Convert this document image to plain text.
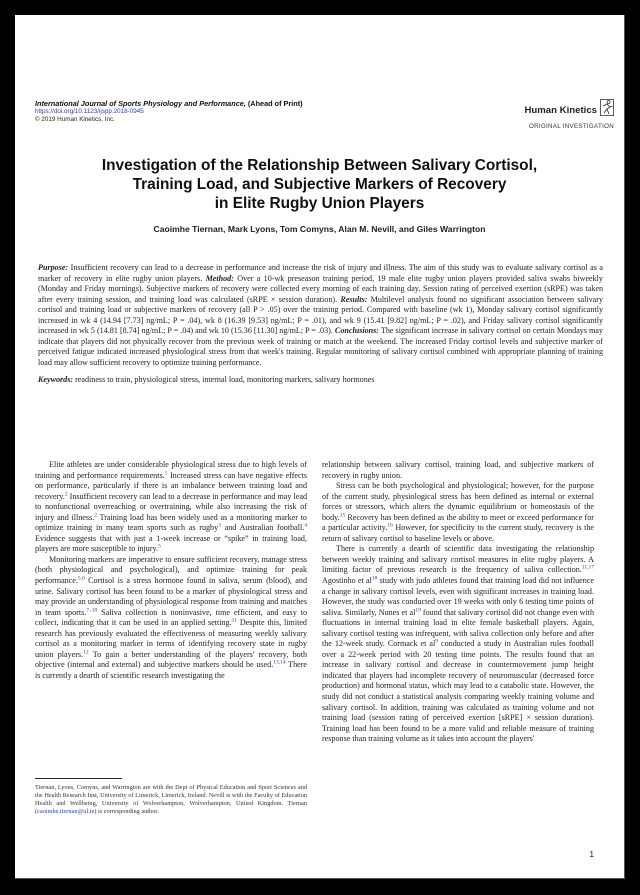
International Journal of Sports Physiology and Performance, (Ahead of Print)
https://doi.org/10.1123/ijspp.2018-0945
© 2019 Human Kinetics, Inc.
Human Kinetics
ORIGINAL INVESTIGATION
Investigation of the Relationship Between Salivary Cortisol,
Training Load, and Subjective Markers of Recovery
in Elite Rugby Union Players
Caoimhe Tiernan, Mark Lyons, Tom Comyns, Alan M. Nevill, and Giles Warrington

Purpose: Insufficient recovery can lead to a decrease in performance and increase the risk of injury and illness. The aim of this study was to evaluate salivary cortisol as a marker of recovery in elite rugby union players. Method: Over a 10-wk preseason training period, 19 male elite rugby union players provided saliva swabs biweekly (Monday and Friday mornings). Subjective markers of recovery were collected every morning of each training day. Session rating of perceived exertion (sRPE) was taken after every training session, and training load was calculated (sRPE × session duration). Results: Multilevel analysis found no significant association between salivary cortisol and training load or subjective markers of recovery (all P > .05) over the training period. Compared with baseline (wk 1), Monday salivary cortisol significantly increased in wk 4 (14.94 [7.73] ng/mL; P = .04), wk 8 (16.39 [9.53] ng/mL; P = .01), and wk 9 (15.41 [9.82] ng/mL; P = .02), and Friday salivary cortisol significantly increased in wk 5 (14.81 [8.74] ng/mL; P = .04) and wk 10 (15.36 [11.30] ng/mL; P = .03). Conclusions: The significant increase in salivary cortisol on certain Mondays may indicate that players did not physically recover from the previous week of training or match at the weekend. The increased Friday cortisol levels and subjective marker of perceived fatigue indicated increased physiological stress from that week's training. Regular monitoring of salivary cortisol combined with appropriate planning of training load may allow sufficient recovery to optimize training performance.

Keywords: readiness to train, physiological stress, internal load, monitoring markers, salivary hormones

Elite athletes are under considerable physiological stress due to high levels of training and performance requirements.$^1$ Increased stress can have negative effects on performance, particularly if there is an imbalance between training load and recovery.$^2$ Insufficient recovery can lead to a decrease in performance and may lead to nonfunctional overreaching or overtraining, while also increasing the risk of injury and illness.$^2$ Training load has been widely used as a monitoring marker to optimize training in many team sports such as rugby$^3$ and Australian football.$^4$ Evidence suggests that with just a 1-week increase or “spike” in training load, players are more susceptible to injury.$^5$

Monitoring markers are imperative to ensure sufficient recovery, manage stress (both physiological and psychological), and optimize training for peak performance.$^{5,6}$ Cortisol is a stress hormone found in saliva, serum (blood), and urine. Salivary cortisol has been found to be a marker of physiological stress and may provide an understanding of physiological response from training and matches in team sports.$^{7-10}$ Saliva collection is noninvasive, time efficient, and easy to collect, indicating that it can be used in an applied setting.$^{11}$ Despite this, limited research has previously evaluated the effectiveness of measuring weekly salivary cortisol as a monitoring marker in terms of identifying recovery state in rugby union players.$^{12}$ To gain a better understanding of the players' recovery, both objective (internal and external) and subjective markers should be used.$^{13,14}$ There is currently a dearth of scientific research investigating the

Tiernan, Lyons, Comyns, and Warrington are with the Dept of Physical Education and Sport Sciences and the Health Research Inst, University of Limerick, Limerick, Ireland. Nevill is with the Faculty of Education Health and Wellbeing, University of Wolverhampton, Wolverhampton, United Kingdom. Tiernan (caoimhe.tiernan@ul.ie) is corresponding author.

relationship between salivary cortisol, training load, and subjective markers of recovery in rugby union.

Stress can be both psychological and physiological; however, for the purpose of the current study, physiological stress has been defined as internal or external forces or stressors, which alters the dynamic equilibrium or homeostasis of the body.$^{15}$ Recovery has been defined as the ability to meet or exceed performance for a particular activity.$^{16}$ However, for specificity to the current study, recovery is the return of salivary cortisol to baseline levels or above.

There is currently a dearth of scientific data investigating the relationship between weekly training and salivary cortisol measures in elite rugby players. A limiting factor of previous research is the frequency of saliva collection.$^{11,17}$ Agostinho et al$^{18}$ study with judo athletes found that training load did not influence a change in salivary cortisol levels, even with significant increases in training load. However, the study was conducted over 19 weeks with only 6 testing time points of saliva. Similarly, Nunes et al$^{19}$ found that salivary cortisol did not change even with fluctuations in internal training load in elite female basketball players. Again, salivary cortisol testing was infrequent, with saliva collection only before and after the 12-week study. Cormack et al$^9$ conducted a study in Australian rules football over a 22-week period with 20 testing time points. The results found that an increase in salivary cortisol and decrease in countermovement jump height indicated that players had incomplete recovery of neuromuscular (decreased force production) and hormonal status, which may lead to a catabolic state. However, the study did not conduct a statistical analysis comparing weekly training volume and salivary cortisol. In addition, training was calculated as training volume and not training load (session rating of perceived exertion [sRPE] × session duration). Training load has been found to be a more valid and reliable measure of training response than training volume as it takes into account the players'

1
